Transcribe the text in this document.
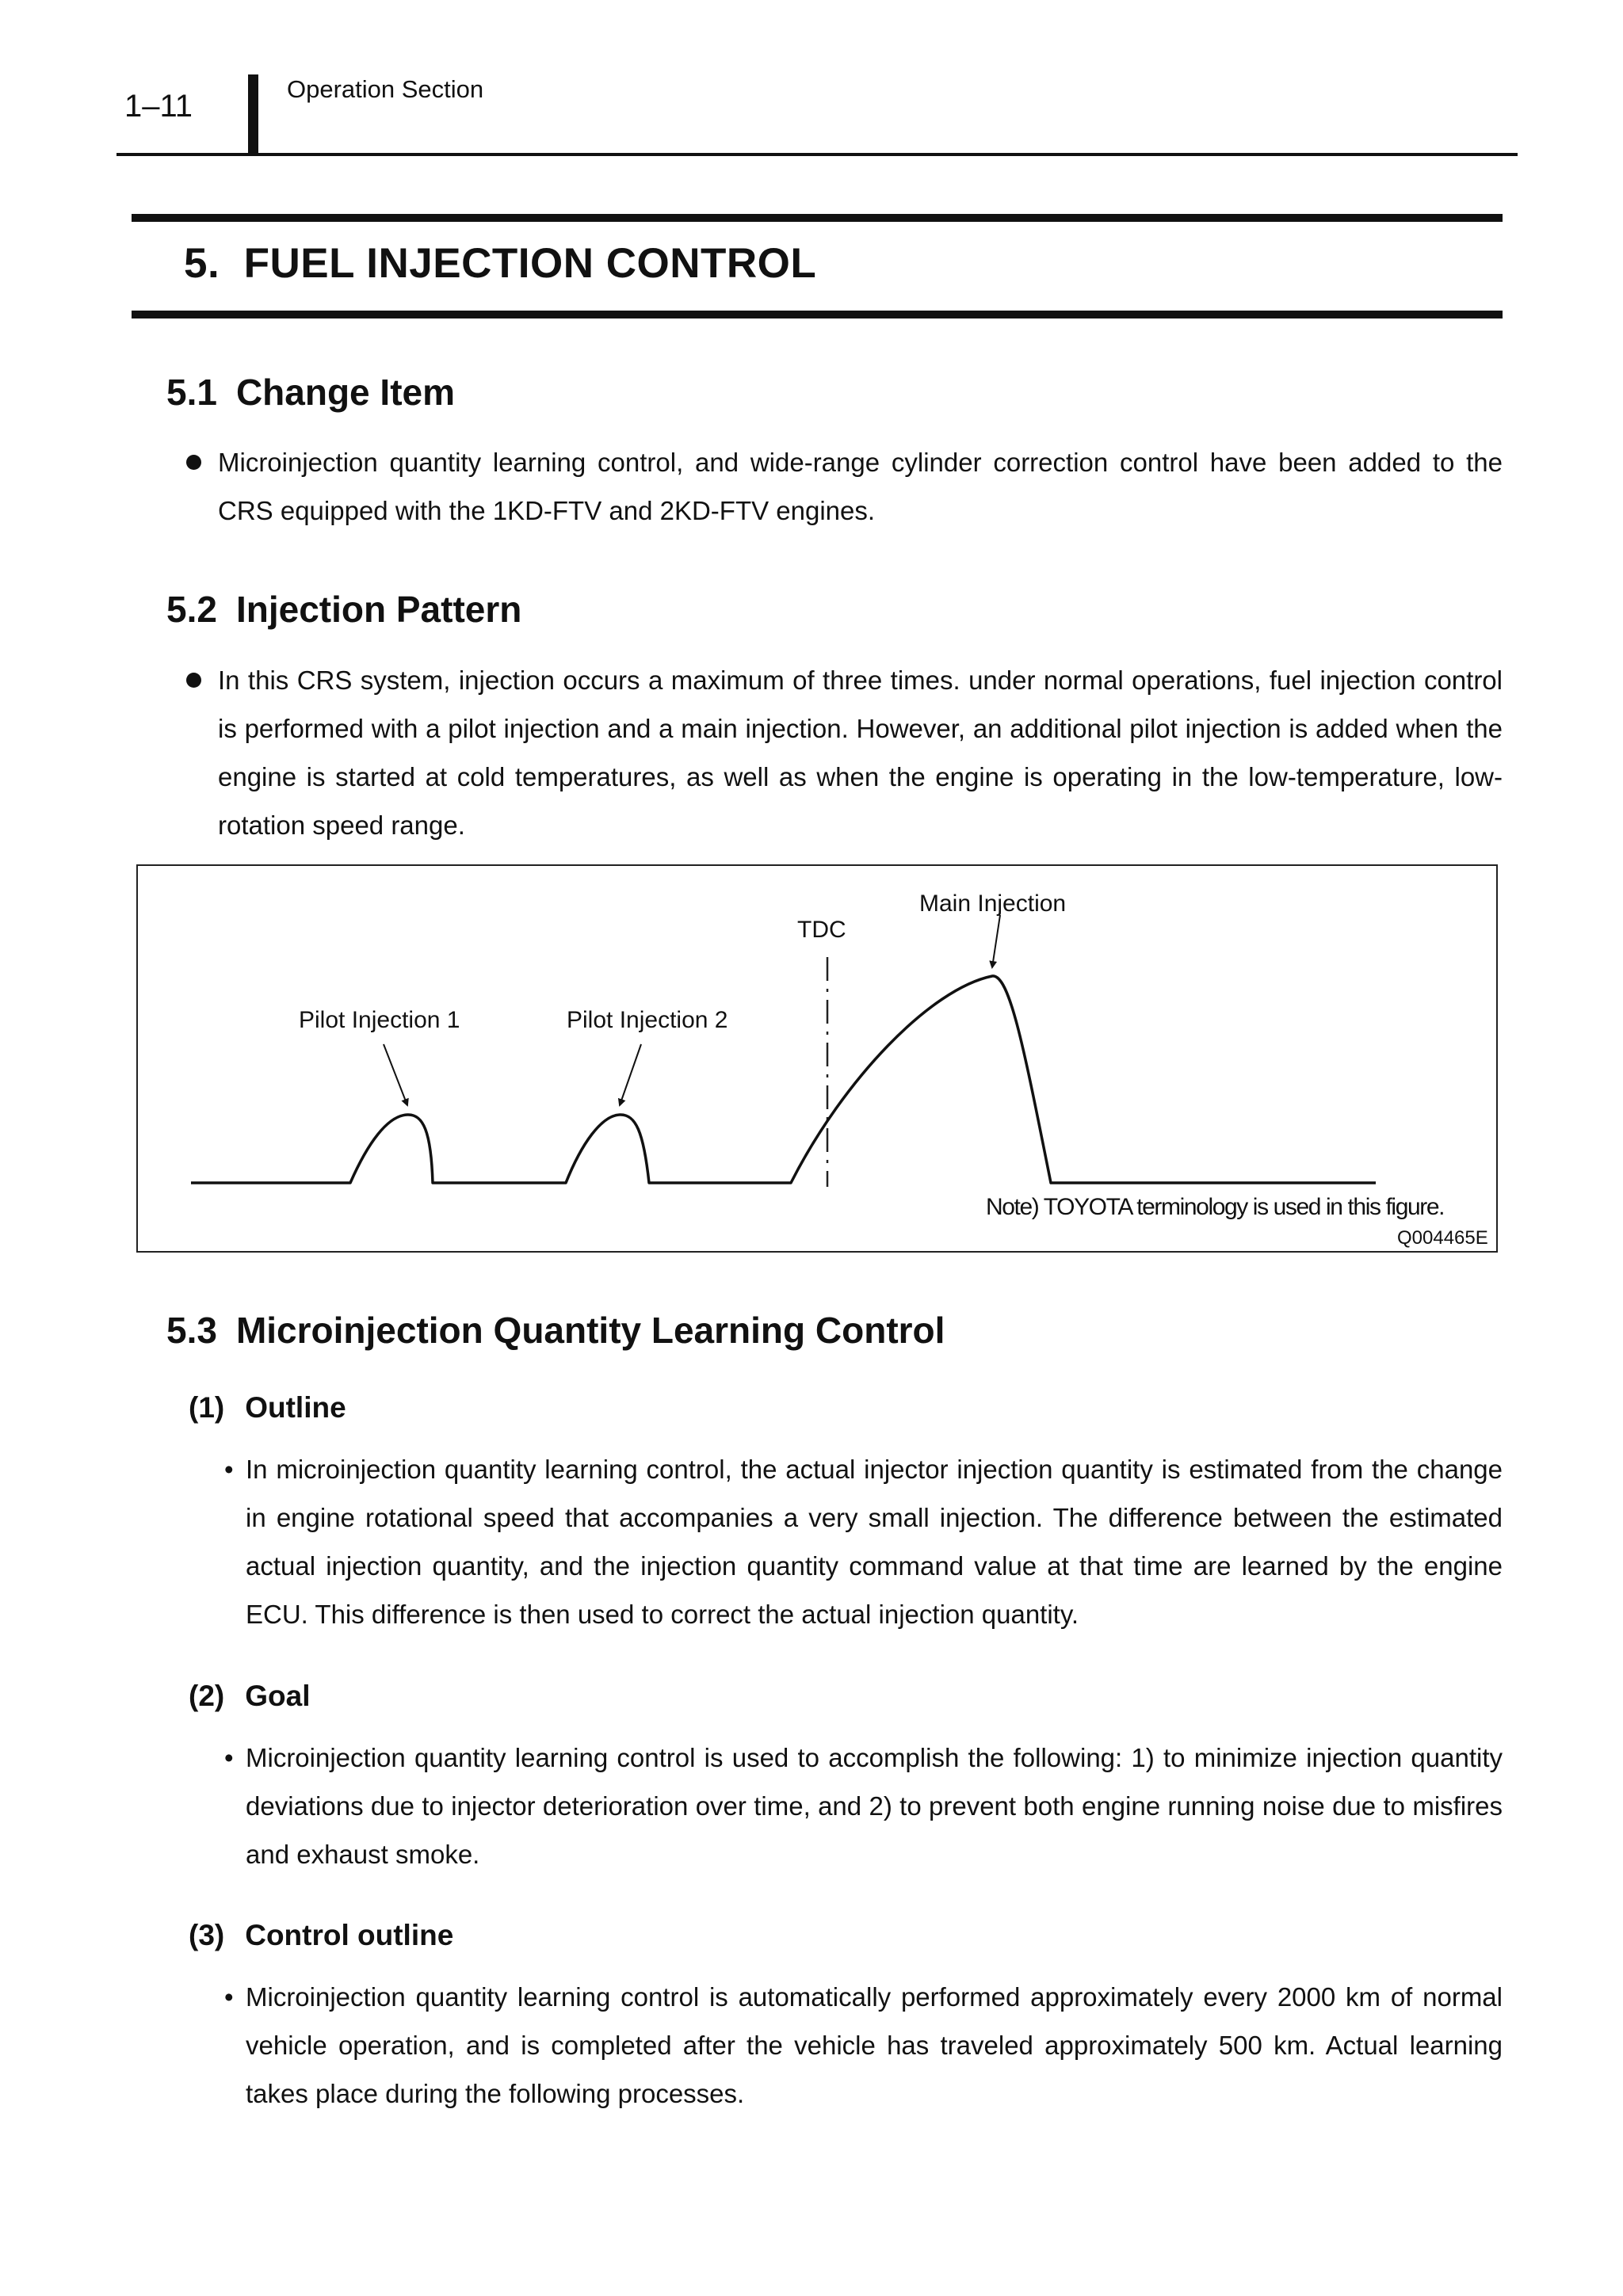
1–11	Operation Section
5. FUEL INJECTION CONTROL
5.1 Change Item
Microinjection quantity learning control, and wide-range cylinder correction control have been added to the CRS equipped with the 1KD-FTV and 2KD-FTV engines.
5.2 Injection Pattern
In this CRS system, injection occurs a maximum of three times. under normal operations, fuel injection control is performed with a pilot injection and a main injection. However, an additional pilot injection is added when the engine is started at cold temperatures, as well as when the engine is operating in the low-temperature, low-rotation speed range.
Pilot Injection 1	Pilot Injection 2
TDC
Main Injection
Note) TOYOTA terminology is used in this figure.
Q004465E
5.3 Microinjection Quantity Learning Control
(1) Outline
• In microinjection quantity learning control, the actual injector injection quantity is estimated from the change in engine rotational speed that accompanies a very small injection. The difference between the estimated actual injection quantity, and the injection quantity command value at that time are learned by the engine ECU. This difference is then used to correct the actual injection quantity.
(2) Goal
• Microinjection quantity learning control is used to accomplish the following: 1) to minimize injection quantity deviations due to injector deterioration over time, and 2) to prevent both engine running noise due to misfires and exhaust smoke.
(3) Control outline
• Microinjection quantity learning control is automatically performed approximately every 2000 km of normal vehicle operation, and is completed after the vehicle has traveled approximately 500 km. Actual learning takes place during the following processes.
